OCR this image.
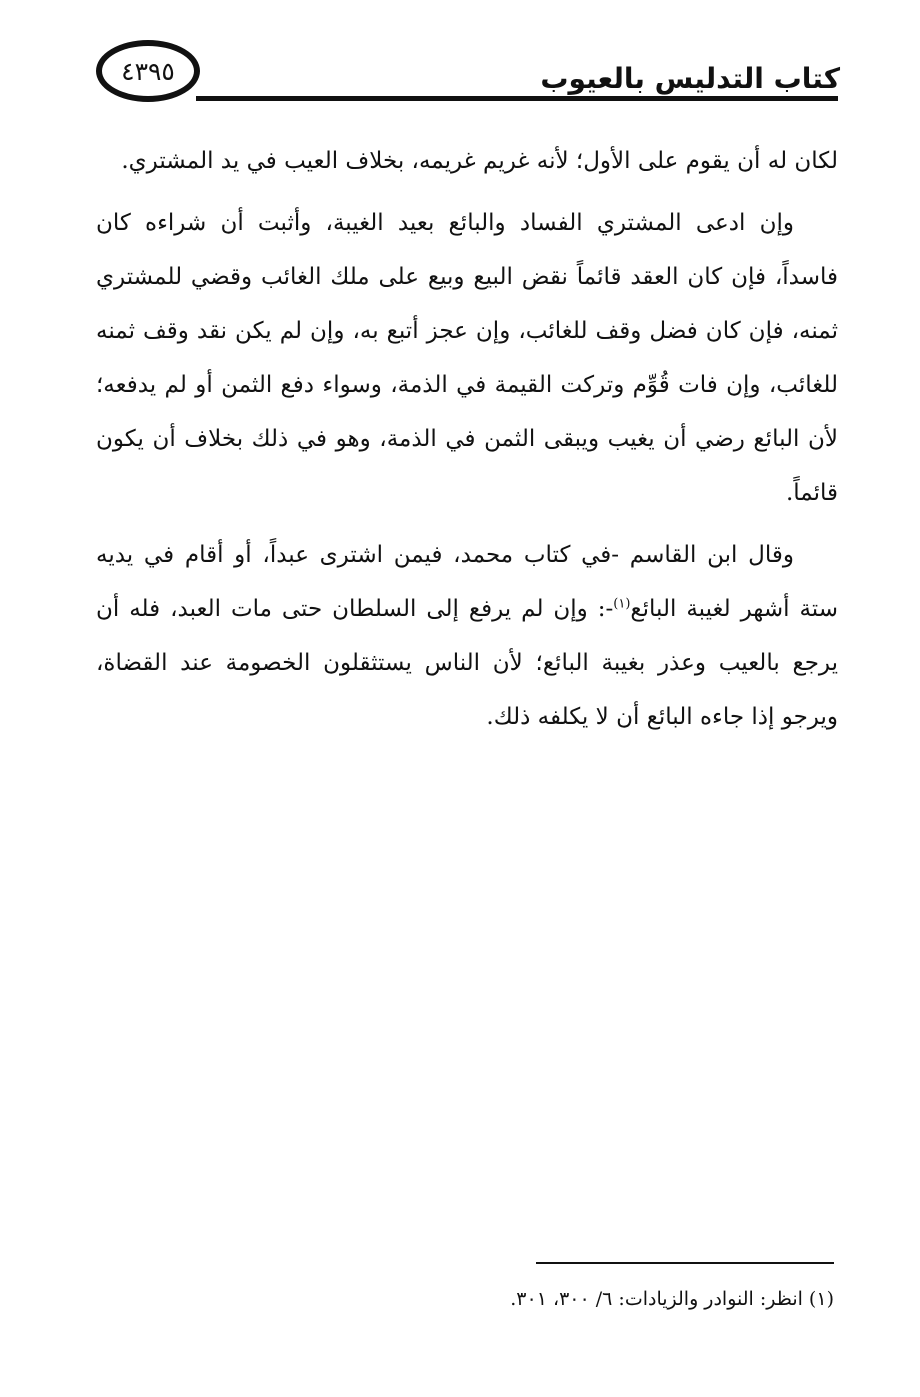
٤٣٩٥	كتاب التدليس بالعيوب

لكان له أن يقوم على الأول؛ لأنه غريم غريمه، بخلاف العيب في يد المشتري.

وإن ادعى المشتري الفساد والبائع بعيد الغيبة، وأثبت أن شراءه كان فاسداً، فإن كان العقد قائماً نقض البيع وبيع على ملك الغائب وقضي للمشتري ثمنه، فإن كان فضل وقف للغائب، وإن عجز أتبع به، وإن لم يكن نقد وقف ثمنه للغائب، وإن فات قُوِّم وتركت القيمة في الذمة، وسواء دفع الثمن أو لم يدفعه؛ لأن البائع رضي أن يغيب ويبقى الثمن في الذمة، وهو في ذلك بخلاف أن يكون قائماً.

وقال ابن القاسم -في كتاب محمد، فيمن اشترى عبداً، أو أقام في يديه ستة أشهر لغيبة البائع$^{(١)}$-: وإن لم يرفع إلى السلطان حتى مات العبد، فله أن يرجع بالعيب وعذر بغيبة البائع؛ لأن الناس يستثقلون الخصومة عند القضاة، ويرجو إذا جاءه البائع أن لا يكلفه ذلك.

(١) انظر: النوادر والزيادات: ٦/ ٣٠٠، ٣٠١.
